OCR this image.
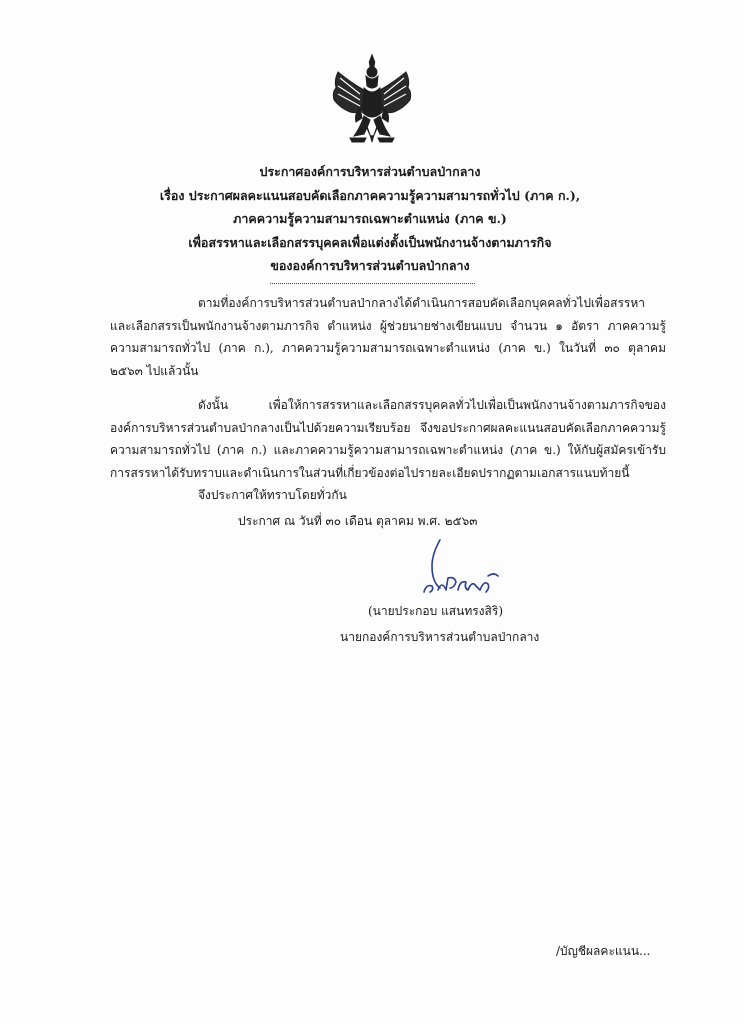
ประกาศองค์การบริหารส่วนตำบลป่ากลาง
เรื่อง ประกาศผลคะแนนสอบคัดเลือกภาคความรู้ความสามารถทั่วไป (ภาค ก.),
ภาคความรู้ความสามารถเฉพาะตำแหน่ง (ภาค ข.)
เพื่อสรรหาและเลือกสรรบุคคลเพื่อแต่งตั้งเป็นพนักงานจ้างตามภารกิจ
ขององค์การบริหารส่วนตำบลป่ากลาง
ตามที่องค์การบริหารส่วนตำบลป่ากลางได้ดำเนินการสอบคัดเลือกบุคคลทั่วไปเพื่อสรรหาและเลือกสรรเป็นพนักงานจ้างตามภารกิจ ตำแหน่ง ผู้ช่วยนายช่างเขียนแบบ จำนวน ๑ อัตรา ภาคความรู้ความสามารถทั่วไป (ภาค ก.), ภาคความรู้ความสามารถเฉพาะตำแหน่ง (ภาค ข.) ในวันที่ ๓๐ ตุลาคม ๒๕๖๓ ไปแล้วนั้น
ดังนั้น เพื่อให้การสรรหาและเลือกสรรบุคคลทั่วไปเพื่อเป็นพนักงานจ้างตามภารกิจขององค์การบริหารส่วนตำบลป่ากลางเป็นไปด้วยความเรียบร้อย จึงขอประกาศผลคะแนนสอบคัดเลือกภาคความรู้ความสามารถทั่วไป (ภาค ก.) และภาคความรู้ความสามารถเฉพาะตำแหน่ง (ภาค ข.) ให้กับผู้สมัครเข้ารับการสรรหาได้รับทราบและดำเนินการในส่วนที่เกี่ยวข้องต่อไปรายละเอียดปรากฏตามเอกสารแนบท้ายนี้
จึงประกาศให้ทราบโดยทั่วกัน
ประกาศ ณ วันที่ ๓๐ เดือน ตุลาคม พ.ศ. ๒๕๖๓
(นายประกอบ แสนทรงสิริ)
นายกองค์การบริหารส่วนตำบลป่ากลาง
/บัญชีผลคะแนน...
